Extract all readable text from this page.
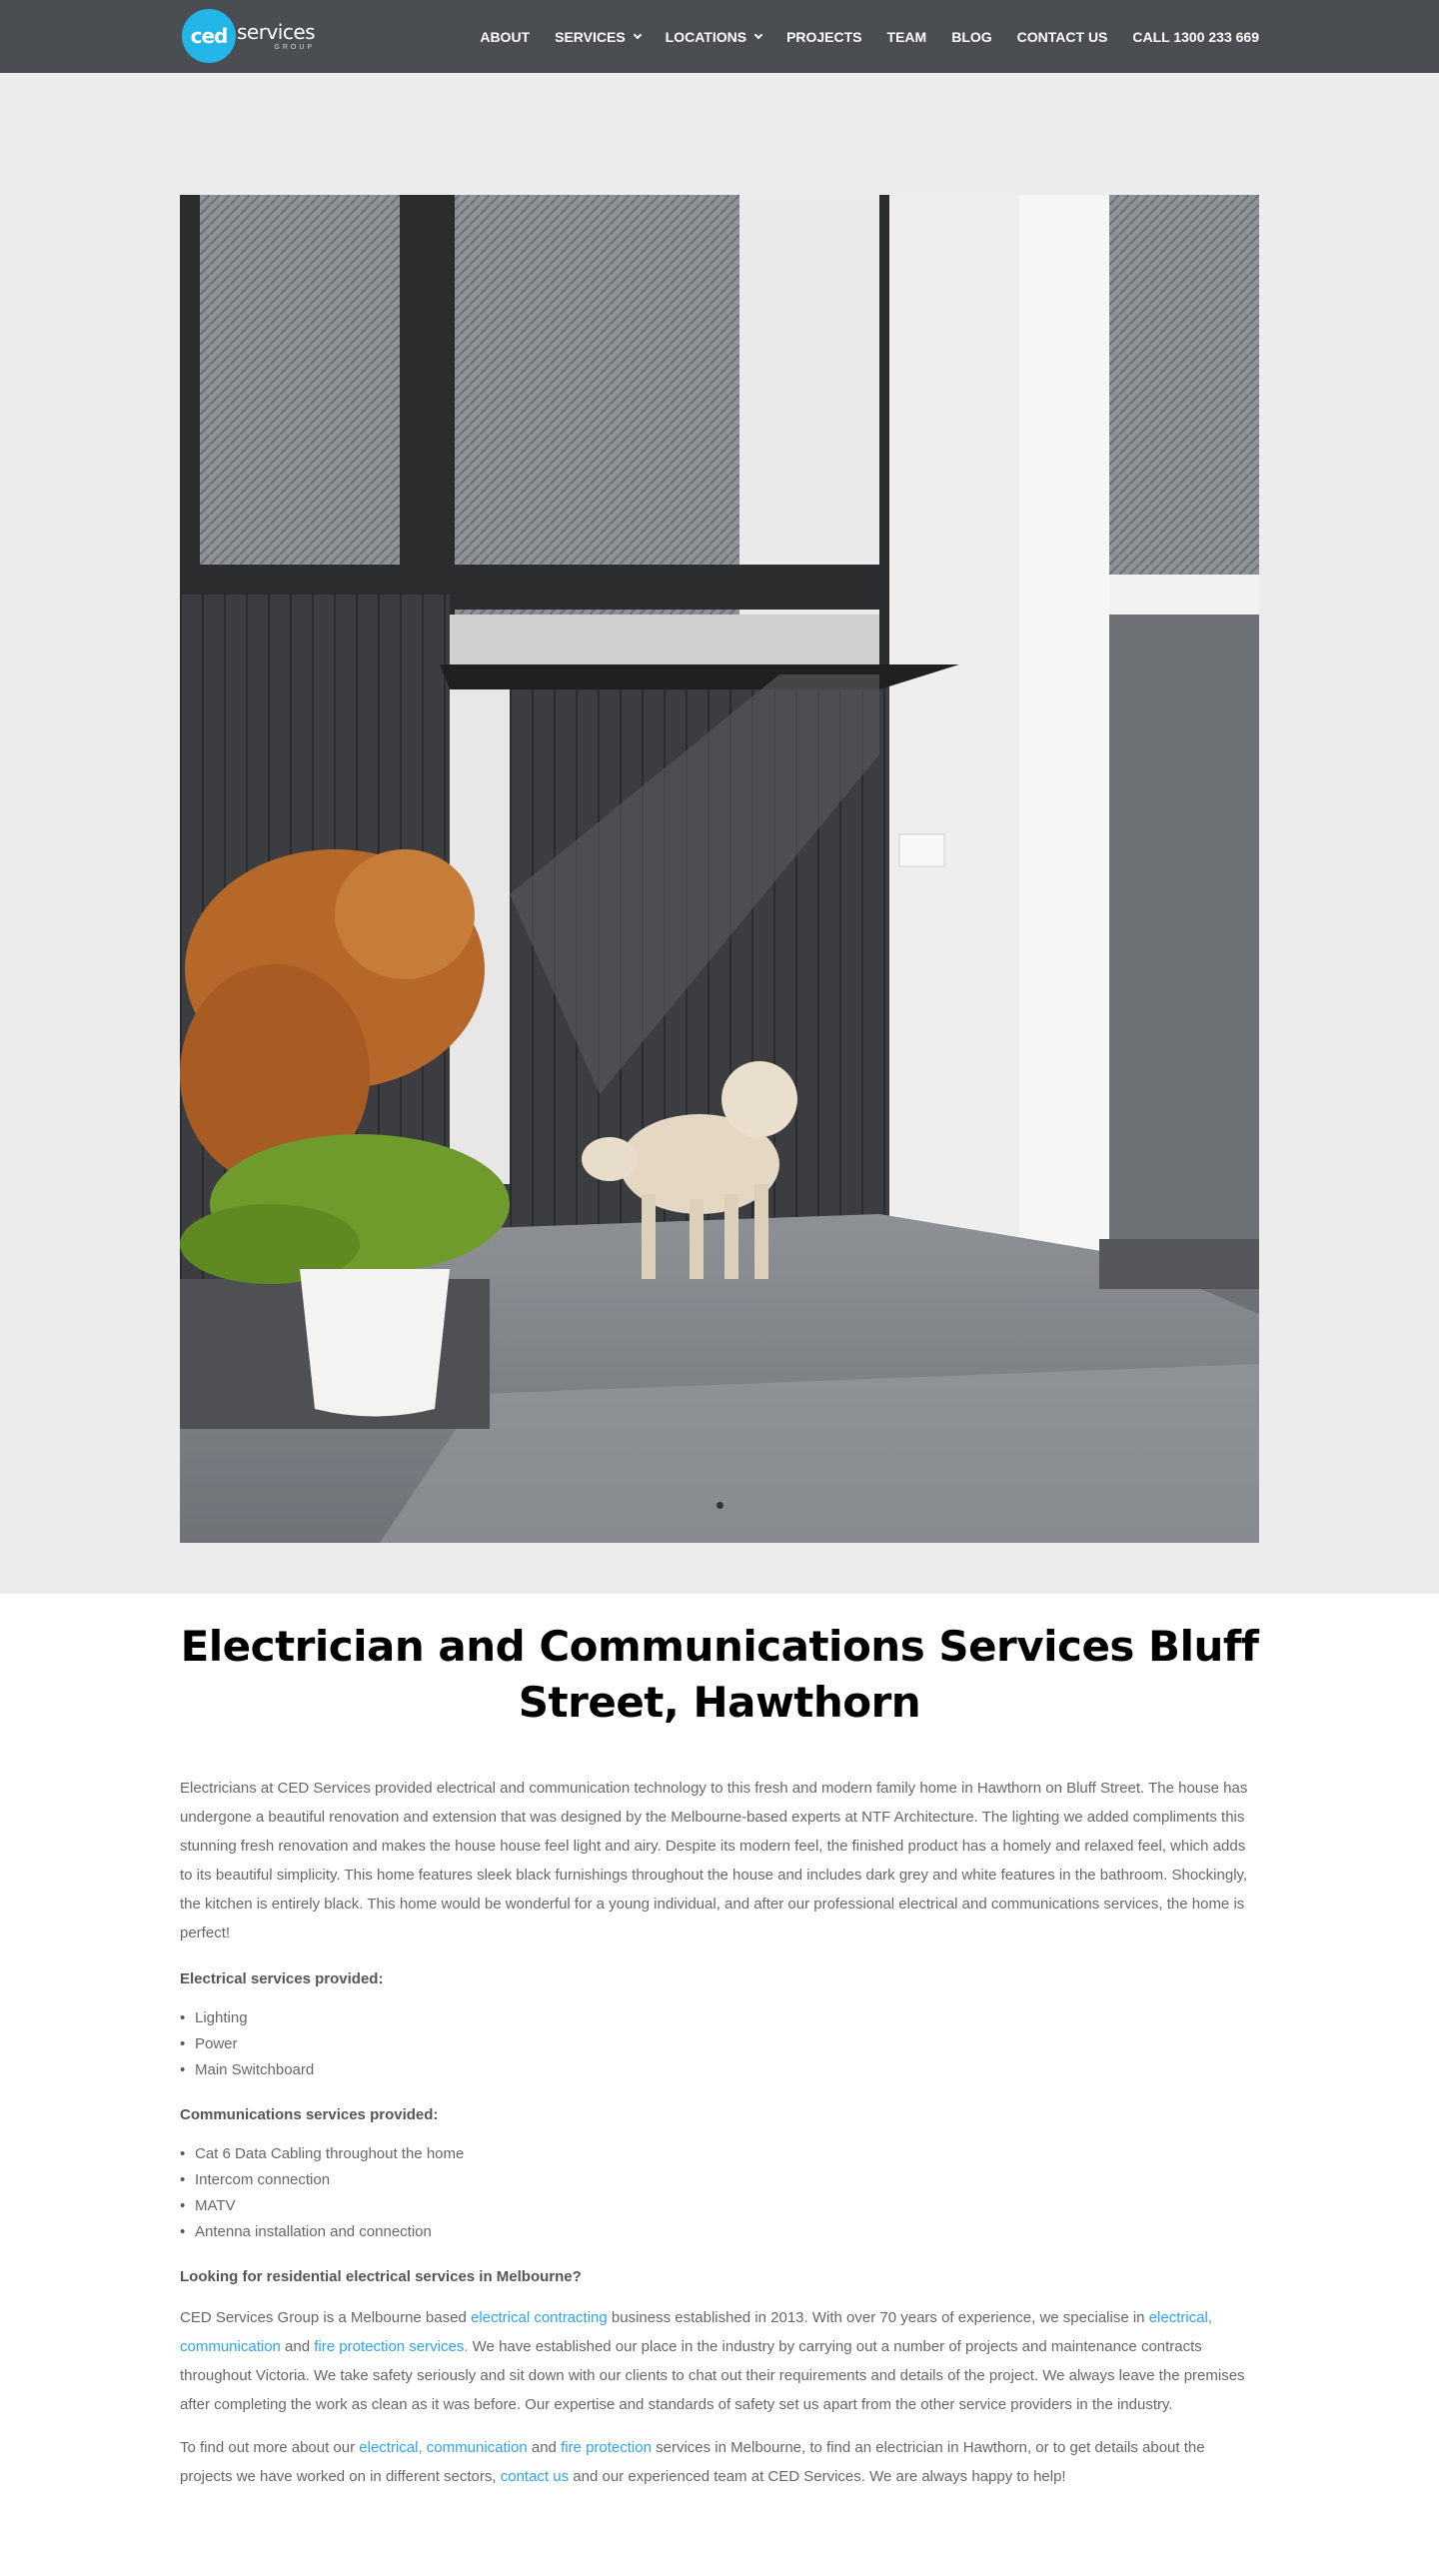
ced services
GROUP
ABOUT SERVICES	LOCATIONS	PROJECTS TEAM BLOG CONTACT US CALL 1300 233 669
Electrician and Communications Services Bluff Street, Hawthorn

Electricians at CED Services provided electrical and communication technology to this fresh and modern family home in Hawthorn on Bluff Street. The house has undergone a beautiful renovation and extension that was designed by the Melbourne-based experts at NTF Architecture. The lighting we added compliments this stunning fresh renovation and makes the house house feel light and airy. Despite its modern feel, the finished product has a homely and relaxed feel, which adds to its beautiful simplicity. This home features sleek black furnishings throughout the house and includes dark grey and white features in the bathroom. Shockingly, the kitchen is entirely black. This home would be wonderful for a young individual, and after our professional electrical and communications services, the home is perfect!

Electrical services provided:

• Lighting
• Power
• Main Switchboard

Communications services provided:

• Cat 6 Data Cabling throughout the home
• Intercom connection
• MATV
• Antenna installation and connection

Looking for residential electrical services in Melbourne?

CED Services Group is a Melbourne based electrical contracting business established in 2013. With over 70 years of experience, we specialise in electrical, communication and fire protection services. We have established our place in the industry by carrying out a number of projects and maintenance contracts throughout Victoria. We take safety seriously and sit down with our clients to chat out their requirements and details of the project. We always leave the premises after completing the work as clean as it was before. Our expertise and standards of safety set us apart from the other service providers in the industry.

To find out more about our electrical, communication and fire protection services in Melbourne, to find an electrician in Hawthorn, or to get details about the projects we have worked on in different sectors, contact us and our experienced team at CED Services. We are always happy to help!
